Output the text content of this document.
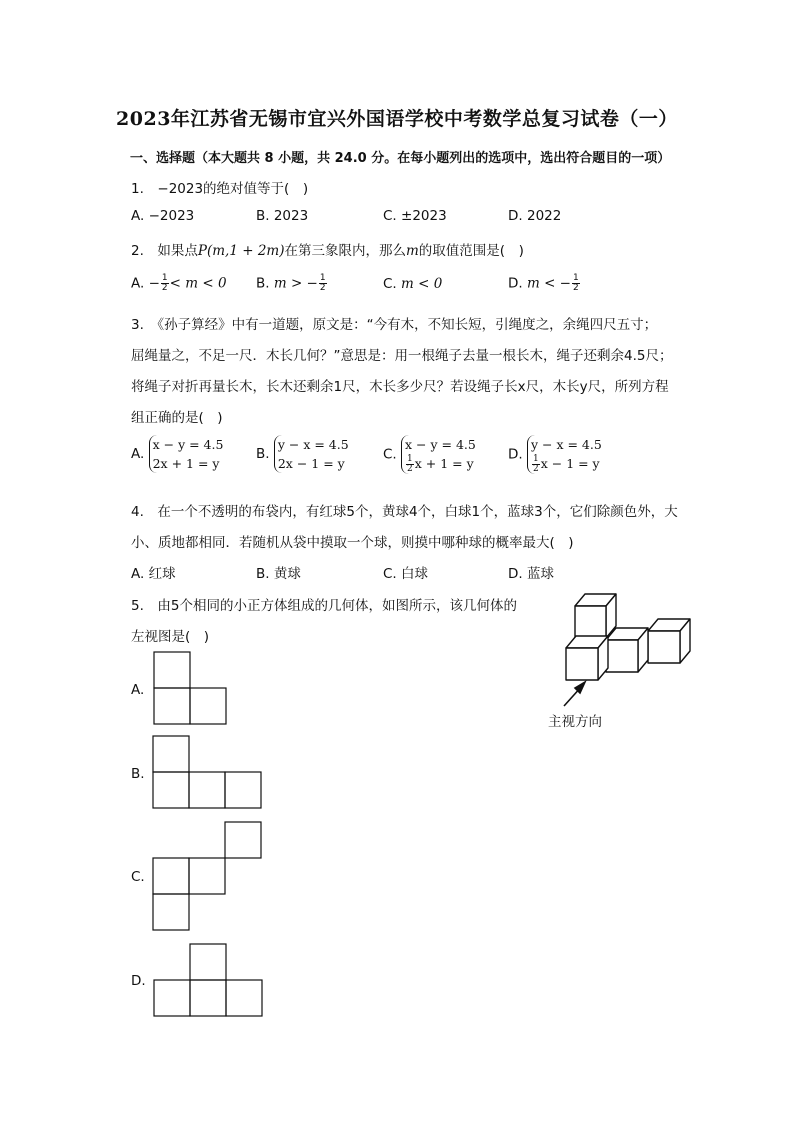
2023年江苏省无锡市宜兴外国语学校中考数学总复习试卷（一）
一、选择题（本大题共 8 小题，共 24.0 分。在每小题列出的选项中，选出符合题目的一项）
1.　−2023的绝对值等于(　)
A. −2023	B. 2023	C. ±2023	D. 2022
2.　如果点P(m,1 + 2m)在第三象限内，那么m的取值范围是(　)
A. − $\frac{1}{2} < m < 0$ B. m > − $\frac{1}{2}$	C. m < 0	D. m < − $\frac{1}{2}$
3.　《孙子算经》中有一道题，原文是：“今有木，不知长短，引绳度之，余绳四尺五寸；
屈绳量之，不足一尺．木长几何？”意思是：用一根绳子去量一根长木，绳子还剩余4.5尺；
将绳子对折再量长木，长木还剩余1尺，木长多少尺？若设绳子长x尺，木长y尺，所列方程
组正确的是(　)
A.
x − y = 4.5
2x + 1 = y
B.
y − x = 4.5
2x − 1 = y
C.
x − y = 4.5
$\frac{1}{2}$ x + 1 = y
D.
y − x = 4.5
$\frac{1}{2}$ x − 1 = y
4.　在一个不透明的布袋内，有红球5个，黄球4个，白球1个，蓝球3个，它们除颜色外，大
小、质地都相同．若随机从袋中摸取一个球，则摸中哪种球的概率最大(　)
A. 红球	B. 黄球	C. 白球	D. 蓝球
5.　由5个相同的小正方体组成的几何体，如图所示，该几何体的
左视图是(　)
主视方向
A.
B.
C.
D.
